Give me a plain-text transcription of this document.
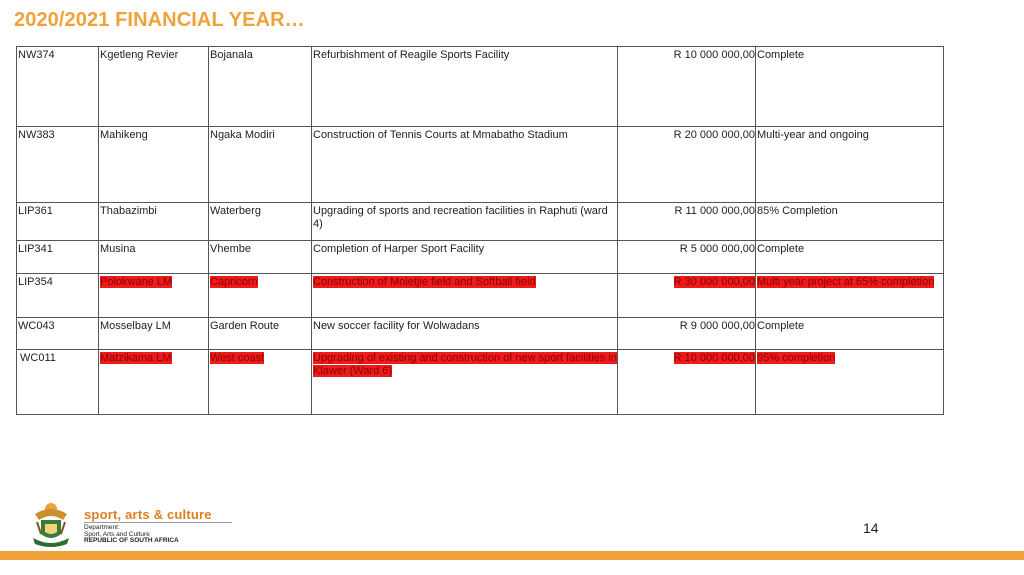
2020/2021 FINANCIAL YEAR…
NW374	Kgetleng Revier	Bojanala	Refurbishment of Reagile Sports Facility	R 10 000 000,00	Complete
NW383	Mahikeng	Ngaka Modiri	Construction of Tennis Courts at Mmabatho Stadium	R 20 000 000,00	Multi-year and ongoing
LIP361	Thabazimbi	Waterberg	Upgrading of sports and recreation facilities in Raphuti (ward 4)	R 11 000 000,00	85% Completion
LIP341	Musina	Vhembe	Completion of Harper Sport Facility	R 5 000 000,00	Complete
LIP354	Polokwane LM	Capricorn	Construction of Moletjie field and Softball field	R 30 000 000,00	Multi year project at 65% completion
WC043	Mosselbay LM	Garden Route	New soccer facility for Wolwadans	R 9 000 000,00	Complete
WC011	Matzikama LM	West coast	Upgrading of existing and construction of new sport facilities in Klawer (Ward 6)	R 10 000 000,00	95% completion
sport, arts & culture
Department:
Sport, Arts and Culture
REPUBLIC OF SOUTH AFRICA
14
